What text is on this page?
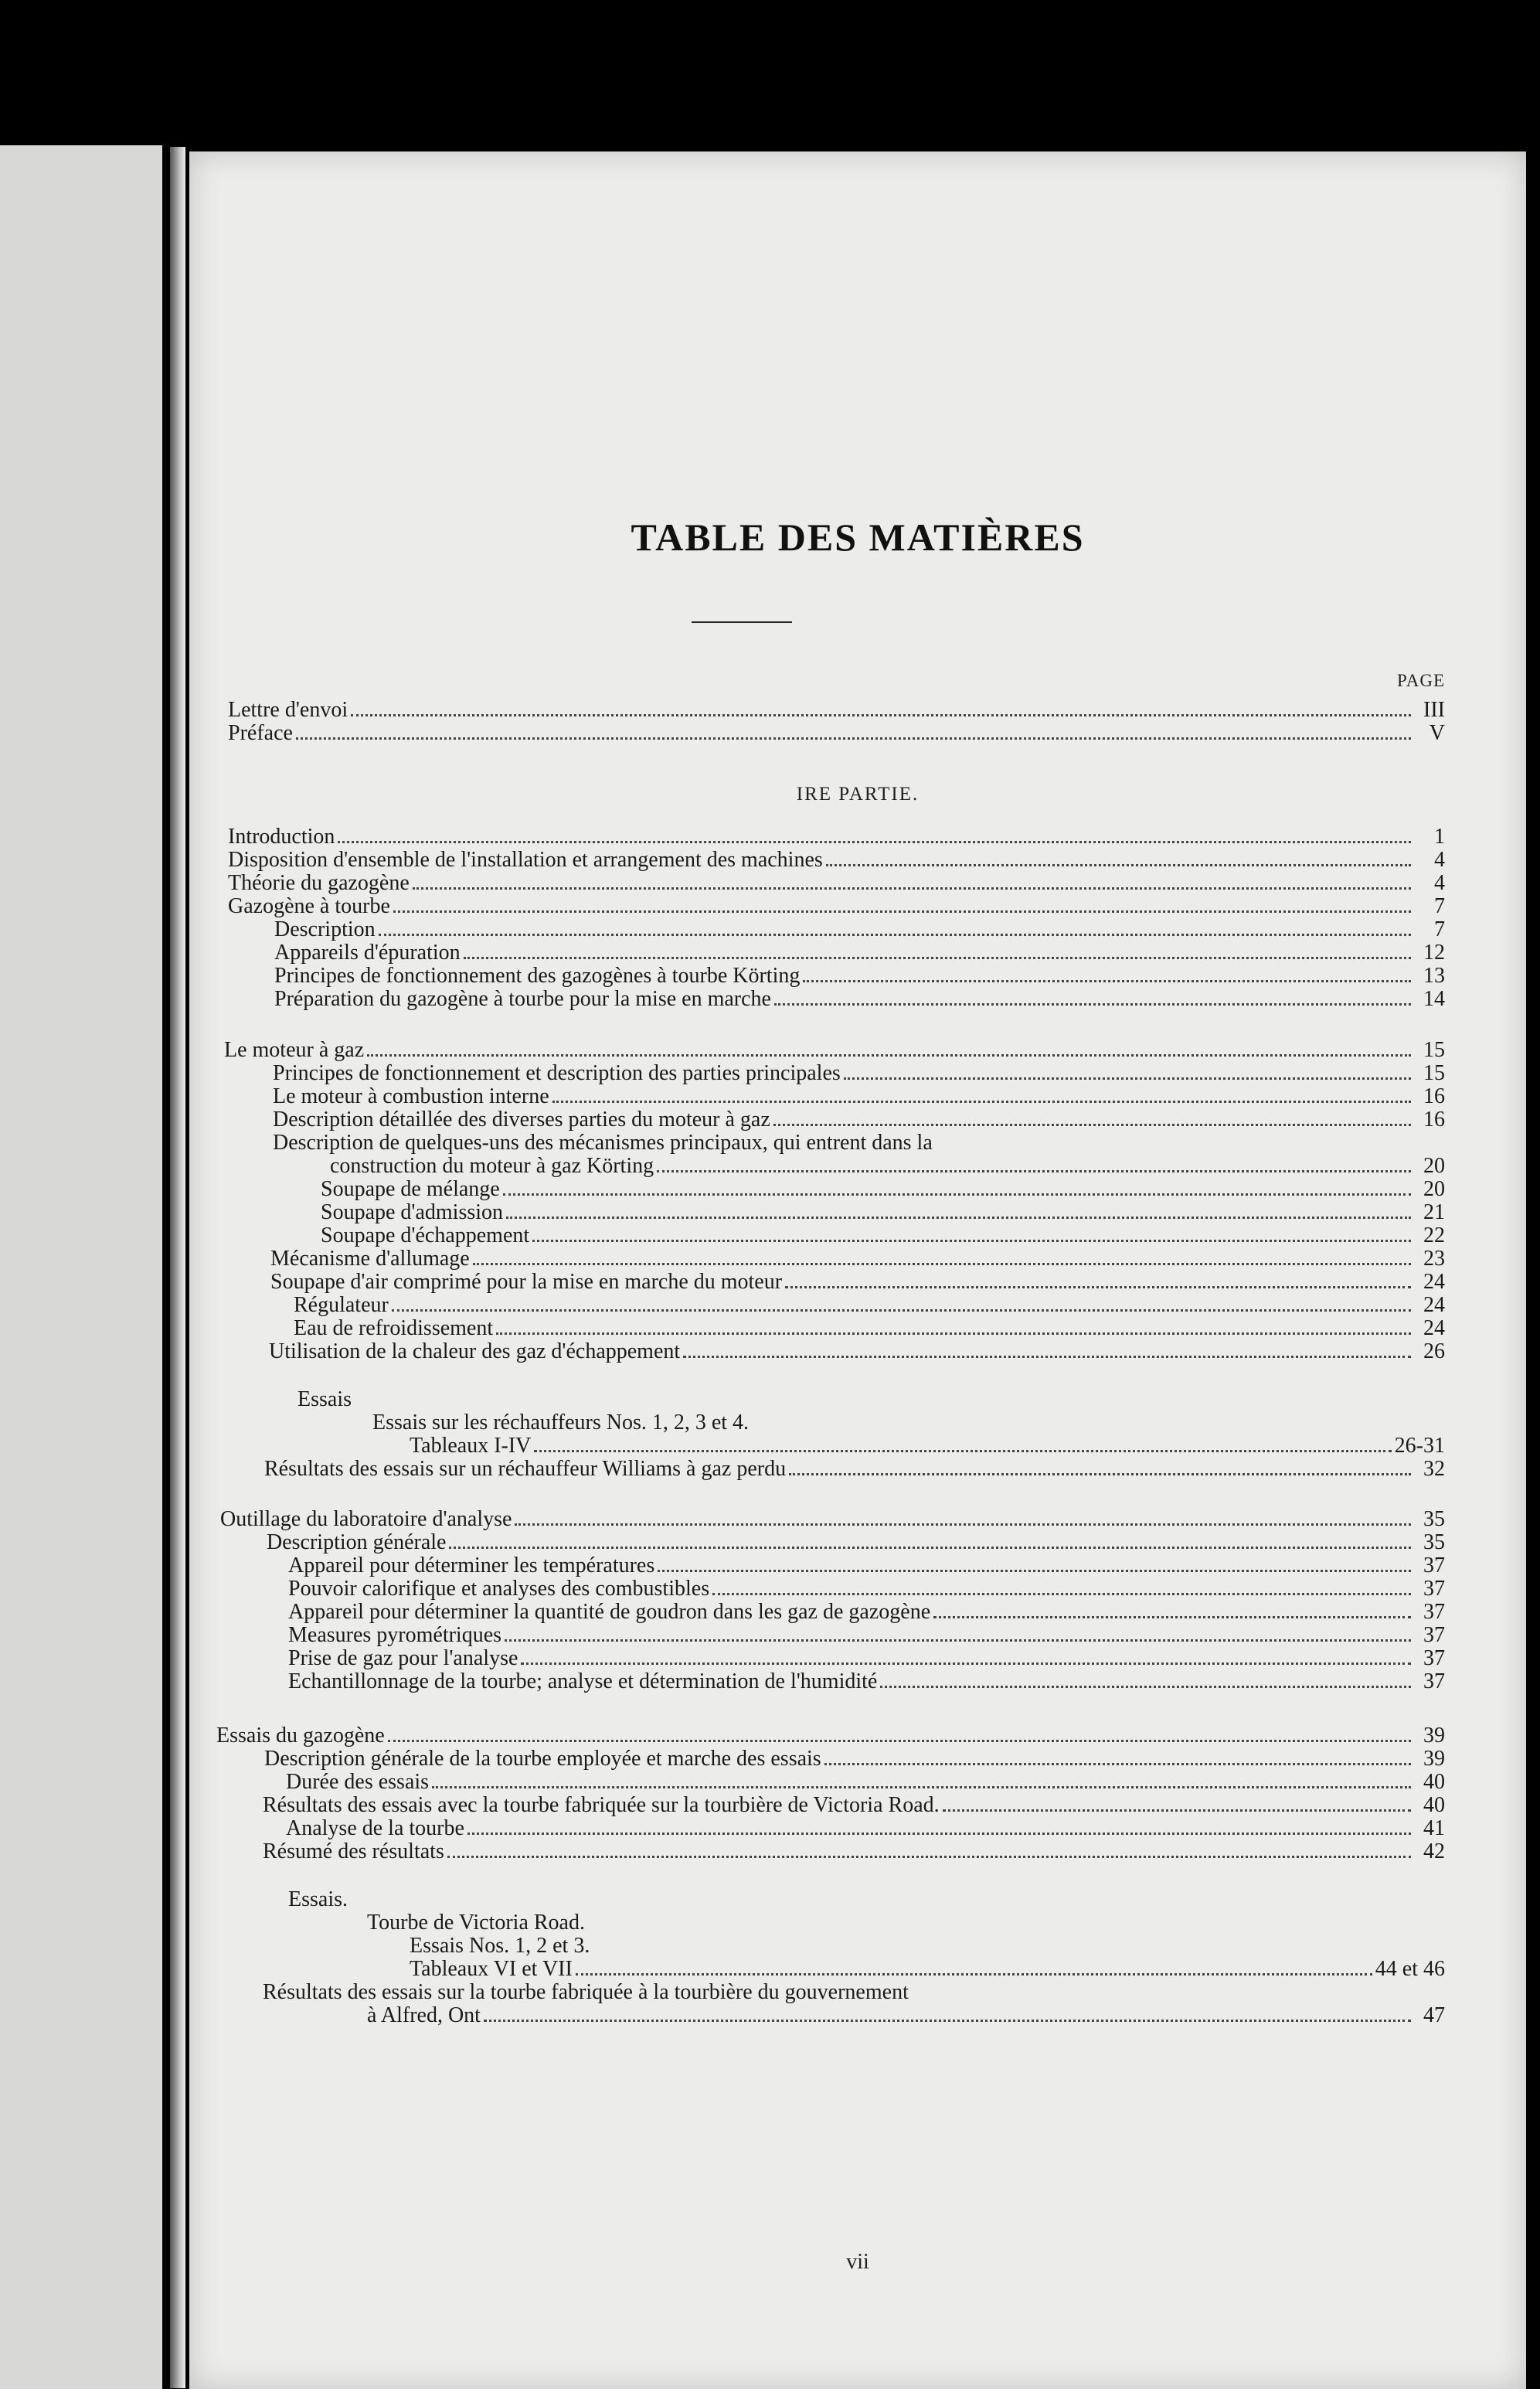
TABLE DES MATIÈRES
PAGE
Lettre d'envoi	III
Préface	V
IRE PARTIE.
Introduction	1
Disposition d'ensemble de l'installation et arrangement des machines	4
Théorie du gazogène	4
Gazogène à tourbe	7
Description	7
Appareils d'épuration	12
Principes de fonctionnement des gazogènes à tourbe Körting	13
Préparation du gazogène à tourbe pour la mise en marche	14
Le moteur à gaz	15
Principes de fonctionnement et description des parties principales	15
Le moteur à combustion interne	16
Description détaillée des diverses parties du moteur à gaz	16
Description de quelques-uns des mécanismes principaux, qui entrent dans la
construction du moteur à gaz Körting	20
Soupape de mélange	20
Soupape d'admission	21
Soupape d'échappement	22
Mécanisme d'allumage	23
Soupape d'air comprimé pour la mise en marche du moteur	24
Régulateur	24
Eau de refroidissement	24
Utilisation de la chaleur des gaz d'échappement	26
Essais
Essais sur les réchauffeurs Nos. 1, 2, 3 et 4.
Tableaux I-IV	26-31
Résultats des essais sur un réchauffeur Williams à gaz perdu	32
Outillage du laboratoire d'analyse	35
Description générale	35
Appareil pour déterminer les températures	37
Pouvoir calorifique et analyses des combustibles	37
Appareil pour déterminer la quantité de goudron dans les gaz de gazogène	37
Measures pyrométriques	37
Prise de gaz pour l'analyse	37
Echantillonnage de la tourbe; analyse et détermination de l'humidité	37
Essais du gazogène	39
Description générale de la tourbe employée et marche des essais	39
Durée des essais	40
Résultats des essais avec la tourbe fabriquée sur la tourbière de Victoria Road.	40
Analyse de la tourbe	41
Résumé des résultats	42
Essais.
Tourbe de Victoria Road.
Essais Nos. 1, 2 et 3.
Tableaux VI et VII	44 et 46
Résultats des essais sur la tourbe fabriquée à la tourbière du gouvernement
à Alfred, Ont	47
vii
